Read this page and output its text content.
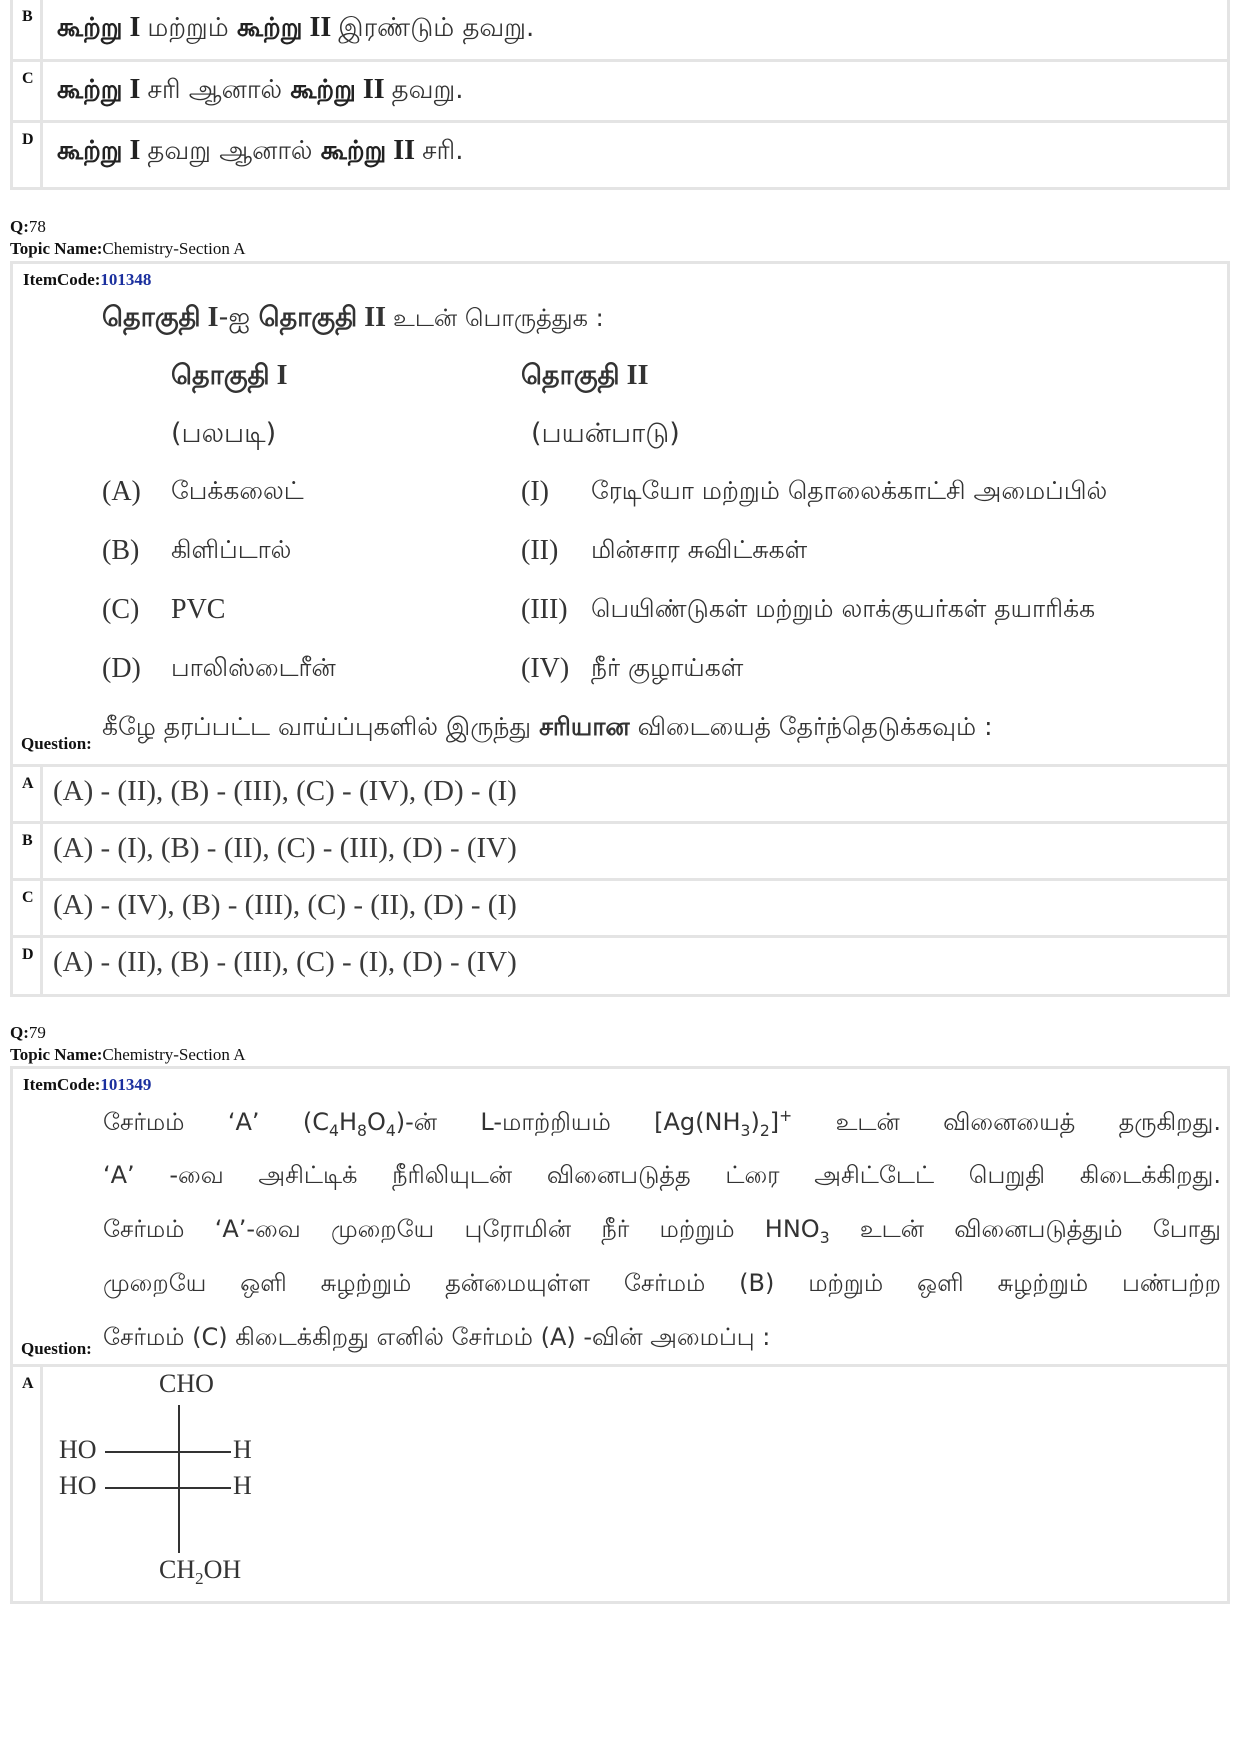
B கூற்று I மற்றும் கூற்று II இரண்டும் தவறு.
C கூற்று I சரி ஆனால் கூற்று II தவறு.
D கூற்று I தவறு ஆனால் கூற்று II சரி.
Q:78
Topic Name:Chemistry-Section A
ItemCode:101348
தொகுதி I-ஐ தொகுதி II உடன் பொருத்துக :
தொகுதி I	தொகுதி II
(பலபடி)	(பயன்பாடு)
(A) பேக்கலைட்	(I) ரேடியோ மற்றும் தொலைக்காட்சி அமைப்பில்
(B) கிளிப்டால்	(II) மின்சார சுவிட்சுகள்
(C) PVC	(III) பெயிண்டுகள் மற்றும் லாக்குயர்கள் தயாரிக்க
(D) பாலிஸ்டைரீன்	(IV) நீர் குழாய்கள்
கீழே தரப்பட்ட வாய்ப்புகளில் இருந்து சரியான விடையைத் தேர்ந்தெடுக்கவும் :
Question:
A (A) - (II), (B) - (III), (C) - (IV), (D) - (I)
B (A) - (I), (B) - (II), (C) - (III), (D) - (IV)
C (A) - (IV), (B) - (III), (C) - (II), (D) - (I)
D (A) - (II), (B) - (III), (C) - (I), (D) - (IV)
Q:79
Topic Name:Chemistry-Section A
ItemCode:101349
சேர்மம் ‘A’ $(C_4H_8O_4)-ன்$ L-மாற்றியம் $[Ag(NH_3)_2]^+$ உடன் வினையைத் தருகிறது.
‘A’ -வை அசிட்டிக் நீரிலியுடன் வினைபடுத்த ட்ரை அசிட்டேட் பெறுதி கிடைக்கிறது.
சேர்மம் ‘A’-வை முறையே புரோமின் நீர் மற்றும் $HNO_3$ உடன் வினைபடுத்தும் போது
முறையே ஒளி சுழற்றும் தன்மையுள்ள சேர்மம் (B) மற்றும் ஒளி சுழற்றும் பண்பற்ற
சேர்மம் (C) கிடைக்கிறது எனில் சேர்மம் (A) -வின் அமைப்பு :
Question:
A	CHO
HO	H
HO	H
$CH_2OH$
